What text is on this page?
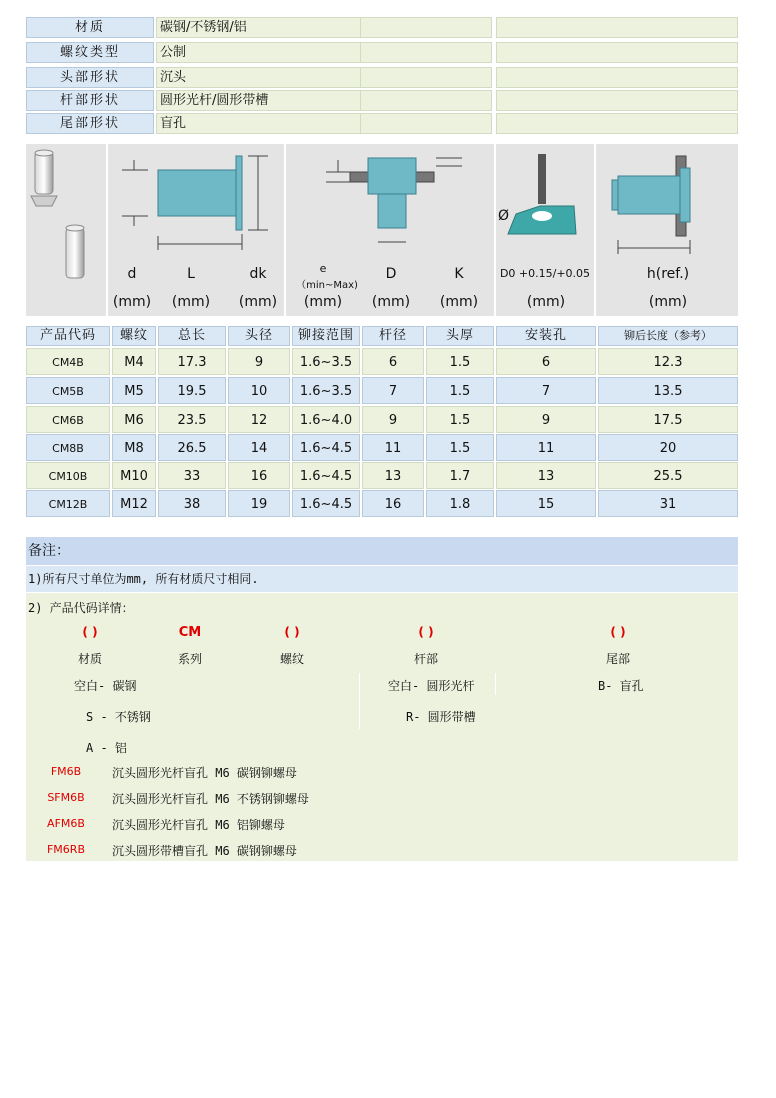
材质	碳钢/不锈钢/铝
螺纹类型	公制
头部形状	沉头
杆部形状	圆形光杆/圆形带槽
尾部形状	盲孔
Ø
d	L	dk	e
（min~Max)
D	K	D0 +0.15/+0.05	h(ref.)
(mm)	(mm)	(mm)	(mm)	(mm)	(mm)	(mm)	(mm)
产品代码	螺纹	总长	头径	铆接范围	杆径	头厚	安装孔	铆后长度（参考）
CM4B	M4	17.3	9	1.6~3.5	6	1.5	6	12.3
CM5B	M5	19.5	10	1.6~3.5	7	1.5	7	13.5
CM6B	M6	23.5	12	1.6~4.0	9	1.5	9	17.5
CM8B	M8	26.5	14	1.6~4.5	11	1.5	11	20
CM10B	M10	33	16	1.6~4.5	13	1.7	13	25.5
CM12B	M12	38	19	1.6~4.5	16	1.8	15	31
备注：
1)所有尺寸单位为mm, 所有材质尺寸相同.
2) 产品代码详情：
( )	CM	( )	( )	( )
材质	系列	螺纹	杆部	尾部
空白- 碳钢
S - 不锈钢
A - 铝
空白- 圆形光杆
R- 圆形带槽
B- 盲孔
FM6B	沉头圆形光杆盲孔 M6 碳钢铆螺母
SFM6B	沉头圆形光杆盲孔 M6 不锈钢铆螺母
AFM6B	沉头圆形光杆盲孔 M6 铝铆螺母
FM6RB	沉头圆形带槽盲孔 M6 碳钢铆螺母
